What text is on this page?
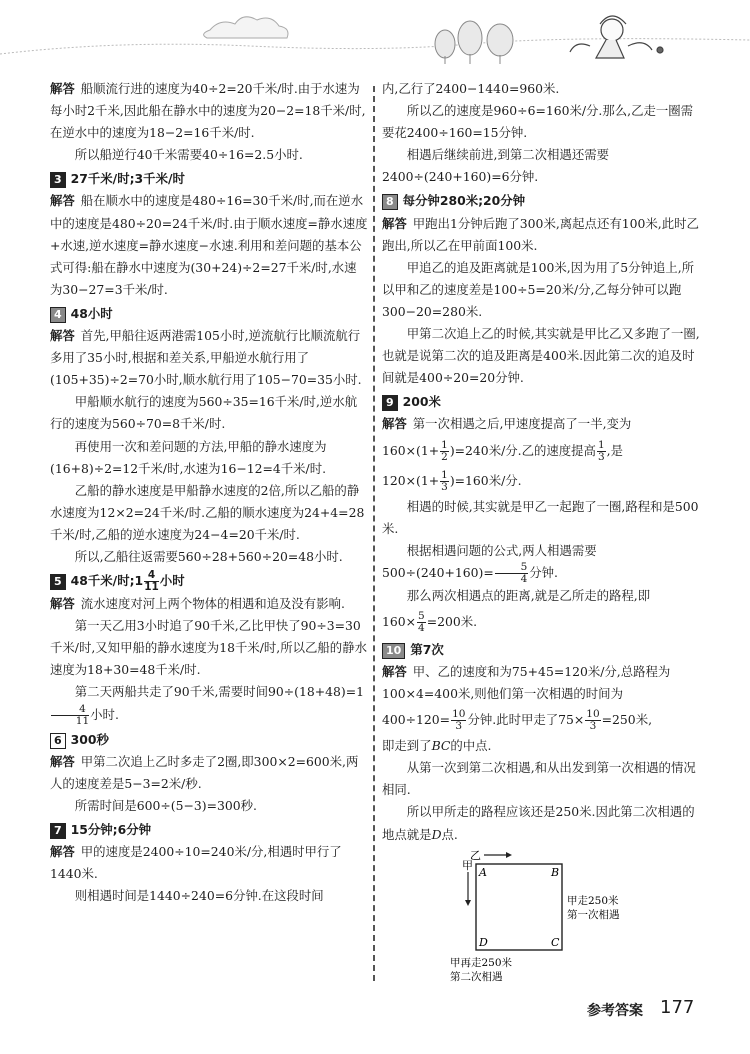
解答 船顺流行进的速度为40÷2=20千米/时.由于水速为每小时2千米,因此船在静水中的速度为20−2=18千米/时,在逆水中的速度为18−2=16千米/时.

所以船逆行40千米需要40÷16=2.5小时.

3 27千米/时;3千米/时

解答 船在顺水中的速度是480÷16=30千米/时,而在逆水中的速度是480÷20=24千米/时.由于顺水速度=静水速度+水速,逆水速度=静水速度−水速.利用和差问题的基本公式可得:船在静水中速度为(30+24)÷2=27千米/时,水速为30−27=3千米/时.

4 48小时

解答 首先,甲船往返两港需105小时,逆流航行比顺流航行多用了35小时,根据和差关系,甲船逆水航行用了(105+35)÷2=70小时,顺水航行用了105−70=35小时.

甲船顺水航行的速度为560÷35=16千米/时,逆水航行的速度为560÷70=8千米/时.

再使用一次和差问题的方法,甲船的静水速度为(16+8)÷2=12千米/时,水速为16−12=4千米/时.

乙船的静水速度是甲船静水速度的2倍,所以乙船的静水速度为12×2=24千米/时.乙船的顺水速度为24+4=28千米/时,乙船的逆水速度为24−4=20千米/时.

所以,乙船往返需要560÷28+560÷20=48小时.

5 48千米/时;1 $\frac{4}{11}$ 小时

解答 流水速度对河上两个物体的相遇和追及没有影响.

第一天乙用3小时追了90千米,乙比甲快了90÷3=30千米/时,又知甲船的静水速度为18千米/时,所以乙船的静水速度为18+30=48千米/时.

第二天两船共走了90千米,需要时间90÷(18+48)=1
$\frac{4}{11}$ 小时.

6 300秒

解答 甲第二次追上乙时多走了2圈,即300×2=600米,两人的速度差是5−3=2米/秒.

所需时间是600÷(5−3)=300秒.

7 15分钟;6分钟

解答 甲的速度是2400÷10=240米/分,相遇时甲行了1440米.

则相遇时间是1440÷240=6分钟.在这段时间

内,乙行了2400−1440=960米.

所以乙的速度是960÷6=160米/分.那么,乙走一圈需要花2400÷160=15分钟.

相遇后继续前进,到第二次相遇还需要2400÷(240+160)=6分钟.

8 每分钟280米;20分钟

解答 甲跑出1分钟后跑了300米,离起点还有100米,此时乙跑出,所以乙在甲前面100米.

甲追乙的追及距离就是100米,因为用了5分钟追上,所以甲和乙的速度差是100÷5=20米/分,乙每分钟可以跑300−20=280米.

甲第二次追上乙的时候,其实就是甲比乙又多跑了一圈,也就是说第二次的追及距离是400米.因此第二次的追及时间就是400÷20=20分钟.

9 200米

解答 第一次相遇之后,甲速度提高了一半,变为

$160\times(1+ \frac{1}{2} )=240$米/分.乙的速度提高 $\frac{1}{3}$ ,是

$120\times(1+ \frac{1}{3} )=160$米/分.

相遇的时候,其实就是甲乙一起跑了一圈,路程和是500米.

根据相遇问题的公式,两人相遇需要$500\div(240+160)= \frac{5}{4}$ 分钟.

那么两次相遇点的距离,就是乙所走的路程,即

$160\times \frac{5}{4} =200$米.

10 第7次

解答 甲、乙的速度和为75+45=120米/分,总路程为100×4=400米,则他们第一次相遇的时间为

$400\div 120= \frac{10}{3}$ 分钟.此时甲走了$75\times \frac{10}{3} =250$米,

即走到了BC的中点.

从第一次到第二次相遇,和从出发到第一次相遇的情况相同.

所以甲所走的路程应该还是250米.因此第二次相遇的地点就是D点.

乙
甲
A	B
C
D
甲走250米
第一次相遇
甲再走250米
第二次相遇
参考答案 177
